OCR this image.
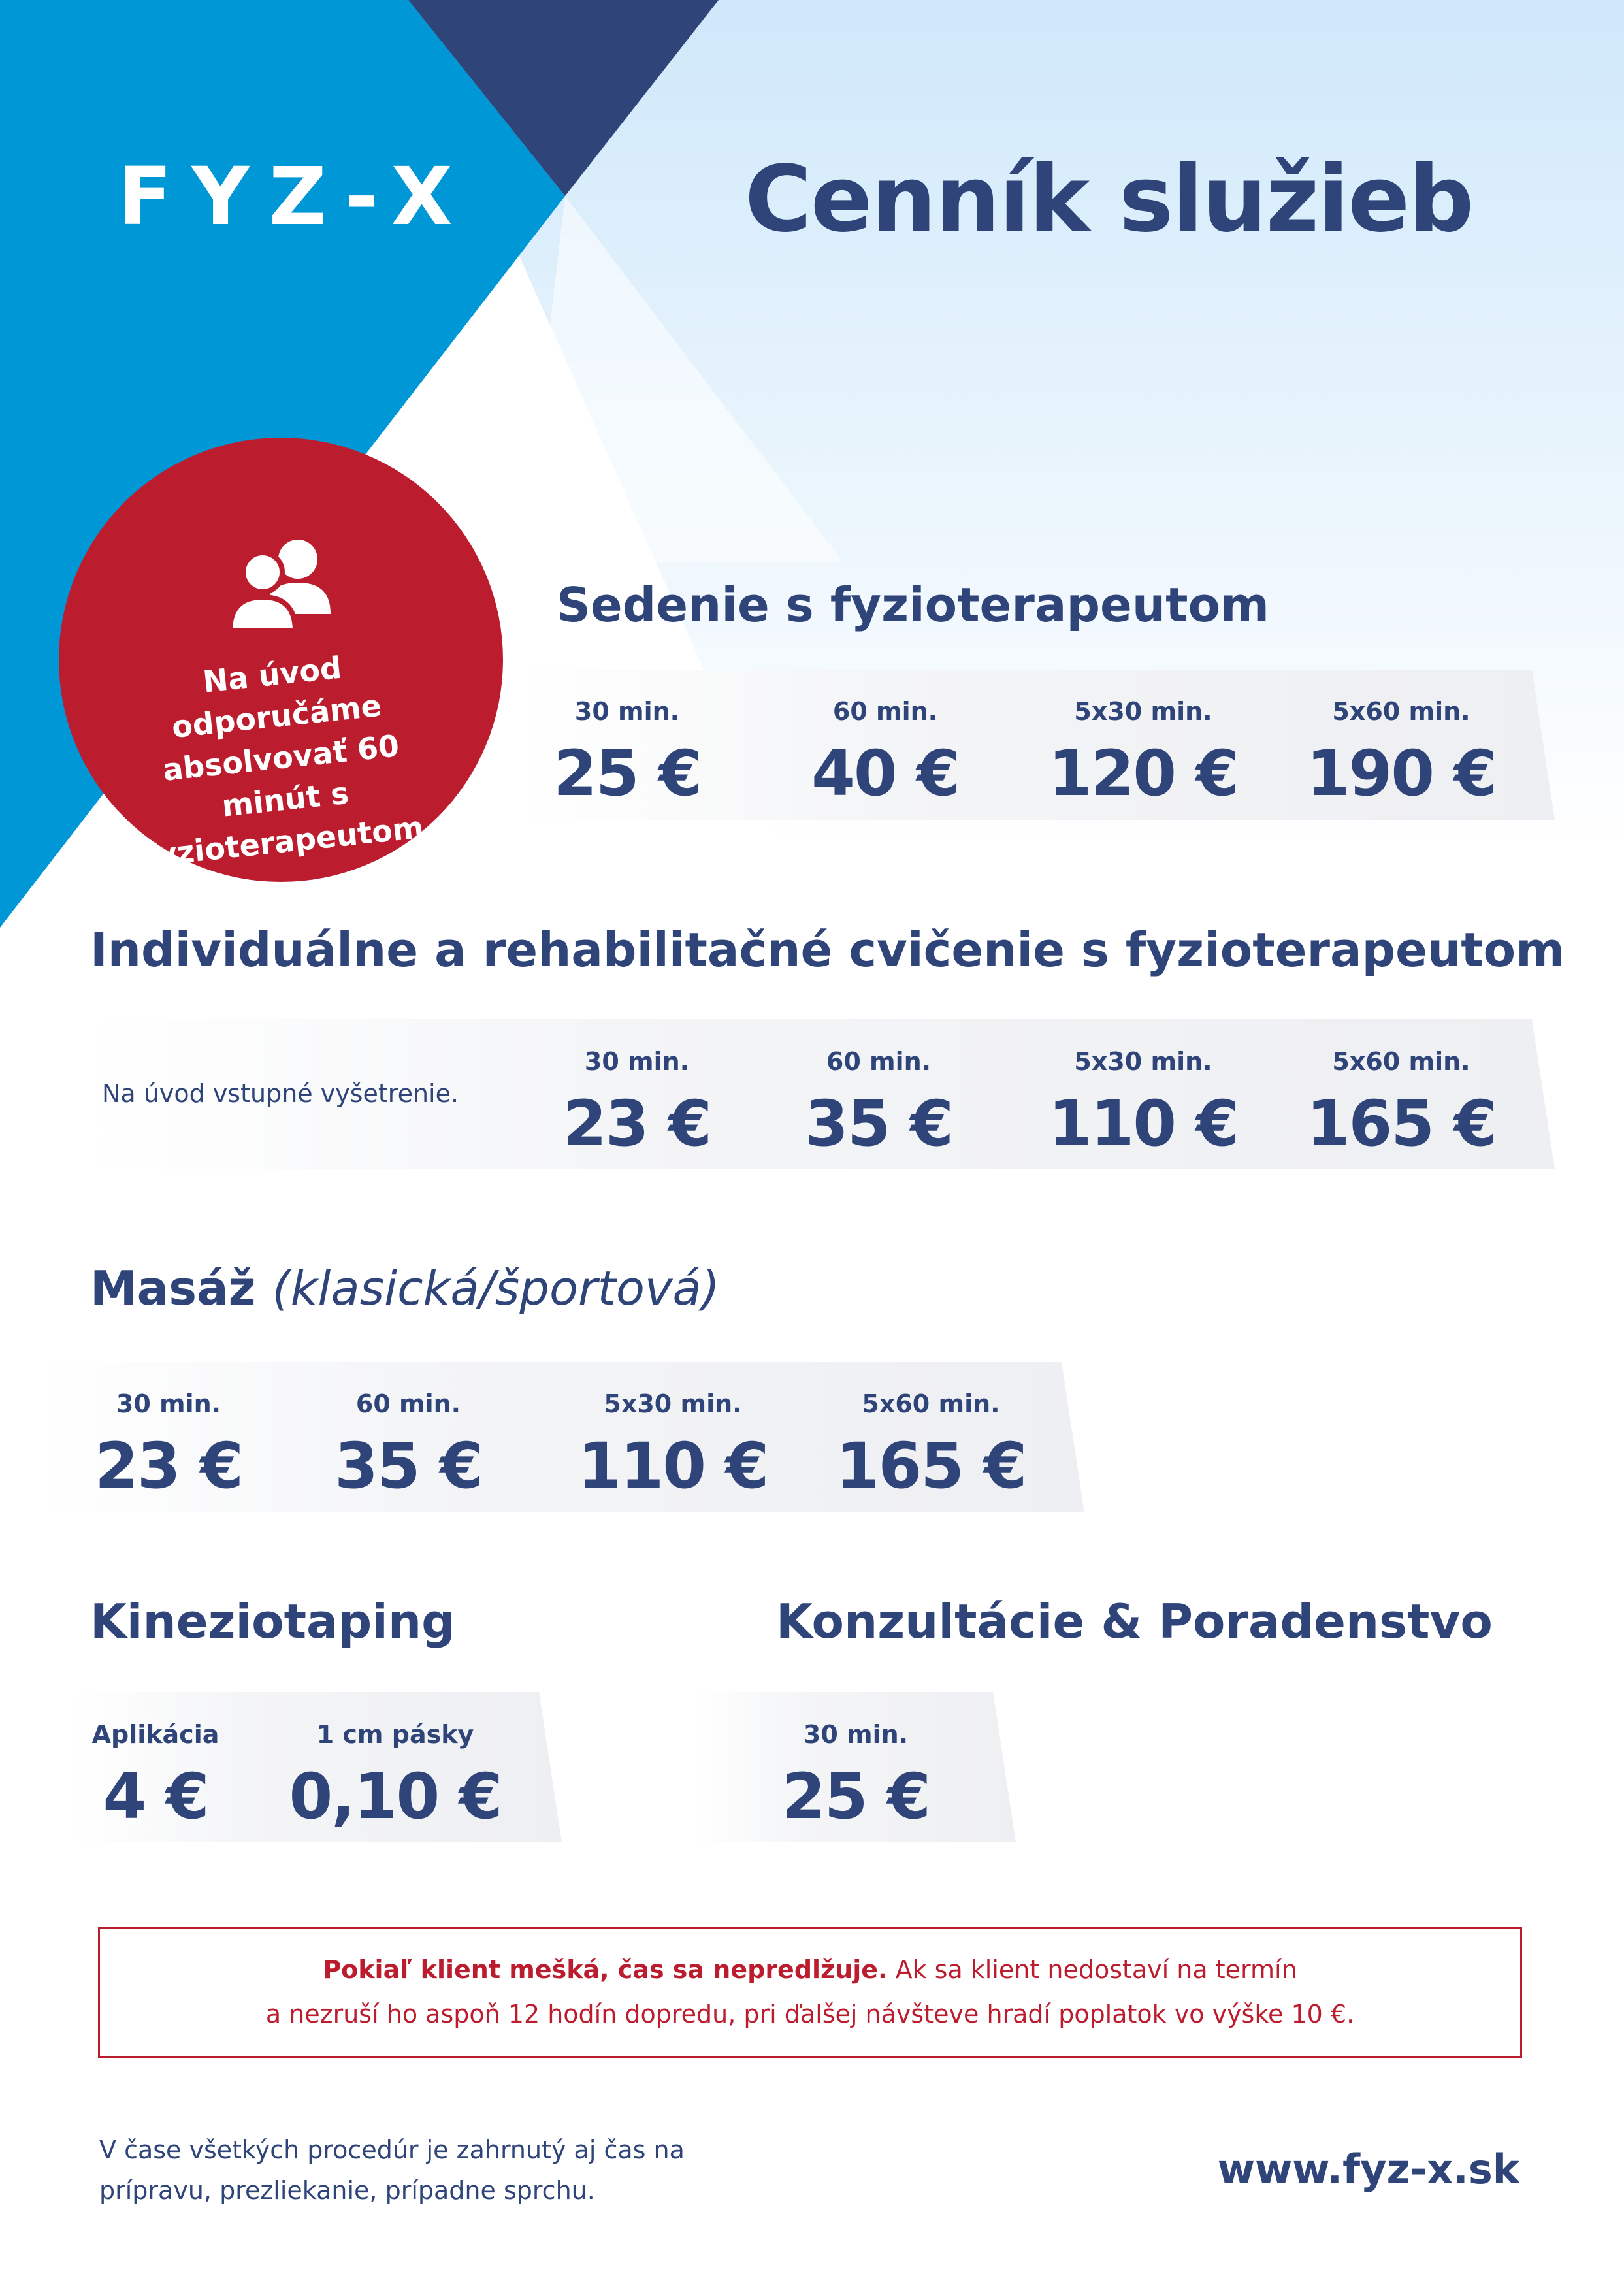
FYZ-X	Cenník služieb
Na úvod odporučáme absolvovať 60 minút s fyzioterapeutom.
Sedenie s fyzioterapeutom
30 min.
25 €
60 min.
40 €
5x30 min.
120 €
5x60 min.
190 €
Individuálne a rehabilitačné cvičenie s fyzioterapeutom
Na úvod vstupné vyšetrenie.
30 min.
23 €
60 min.
35 €
5x30 min.
110 €
5x60 min.
165 €
Masáž (klasická/športová)
30 min.
23 €
60 min.
35 €
5x30 min.
110 €
5x60 min.
165 €
Kineziotaping
Aplikácia
4 €
1 cm pásky
0,10 €
Konzultácie & Poradenstvo
30 min.
25 €
Pokiaľ klient mešká, čas sa nepredlžuje. Ak sa klient nedostaví na termín
a nezruší ho aspoň 12 hodín dopredu, pri ďalšej návšteve hradí poplatok vo výške 10 €.
V čase všetkých procedúr je zahrnutý aj čas na prípravu, prezliekanie, prípadne sprchu.	www.fyz-x.sk
